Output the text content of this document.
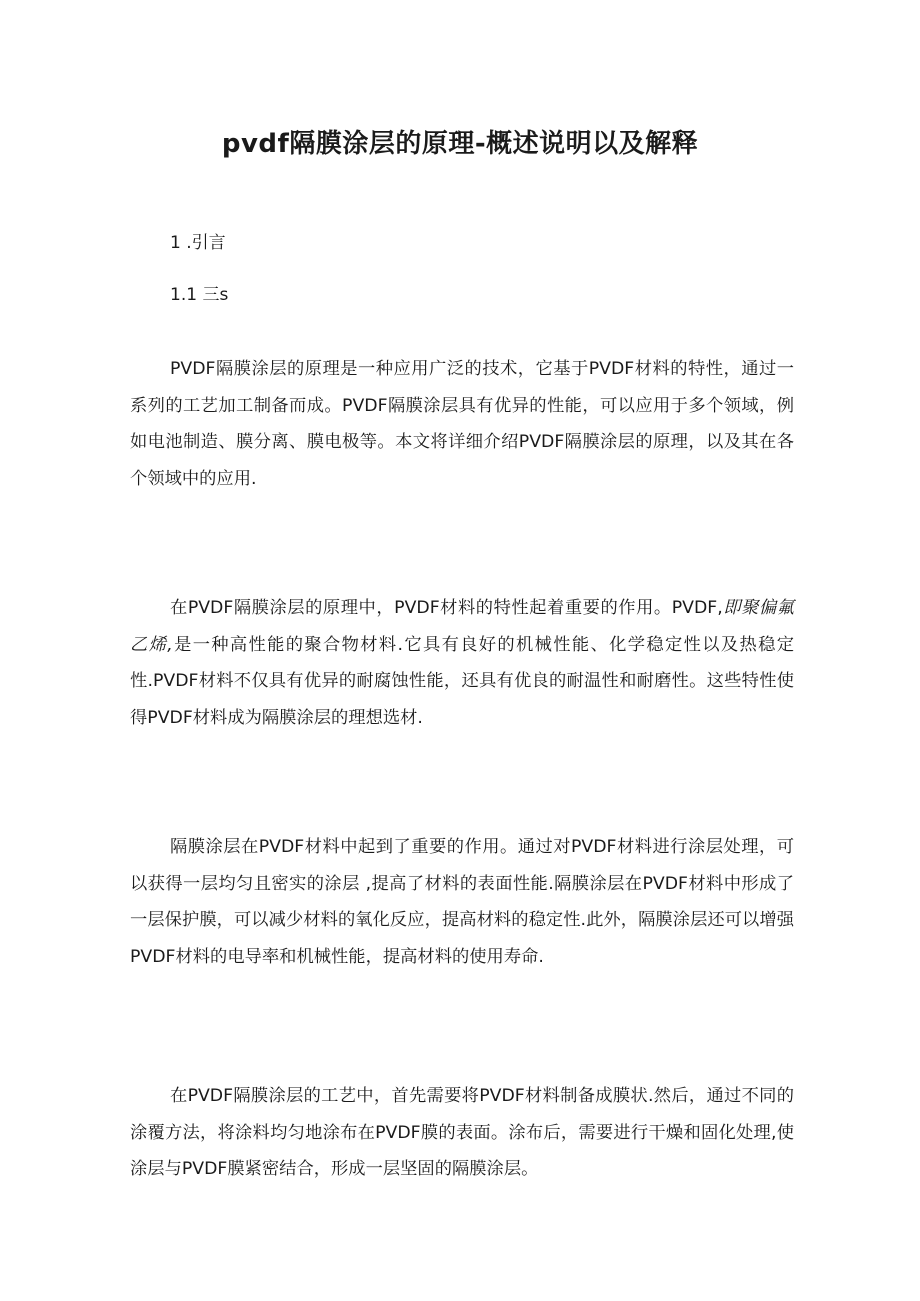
pvdf隔膜涂层的原理-概述说明以及解释
1 .引言
1.1 三s

PVDF隔膜涂层的原理是一种应用广泛的技术，它基于PVDF材料的特性，通过一系列的工艺加工制备而成。PVDF隔膜涂层具有优异的性能，可以应用于多个领域，例如电池制造、膜分离、膜电极等。本文将详细介绍PVDF隔膜涂层的原理，以及其在各个领域中的应用.

在PVDF隔膜涂层的原理中，PVDF材料的特性起着重要的作用。PVDF,即聚偏氟乙烯,是一种高性能的聚合物材料.它具有良好的机械性能、化学稳定性以及热稳定性.PVDF材料不仅具有优异的耐腐蚀性能，还具有优良的耐温性和耐磨性。这些特性使得PVDF材料成为隔膜涂层的理想选材.

隔膜涂层在PVDF材料中起到了重要的作用。通过对PVDF材料进行涂层处理，可以获得一层均匀且密实的涂层 ,提高了材料的表面性能.隔膜涂层在PVDF材料中形成了一层保护膜，可以减少材料的氧化反应，提高材料的稳定性.此外，隔膜涂层还可以增强PVDF材料的电导率和机械性能，提高材料的使用寿命.

在PVDF隔膜涂层的工艺中，首先需要将PVDF材料制备成膜状.然后，通过不同的涂覆方法，将涂料均匀地涂布在PVDF膜的表面。涂布后，需要进行干燥和固化处理,使涂层与PVDF膜紧密结合，形成一层坚固的隔膜涂层。
